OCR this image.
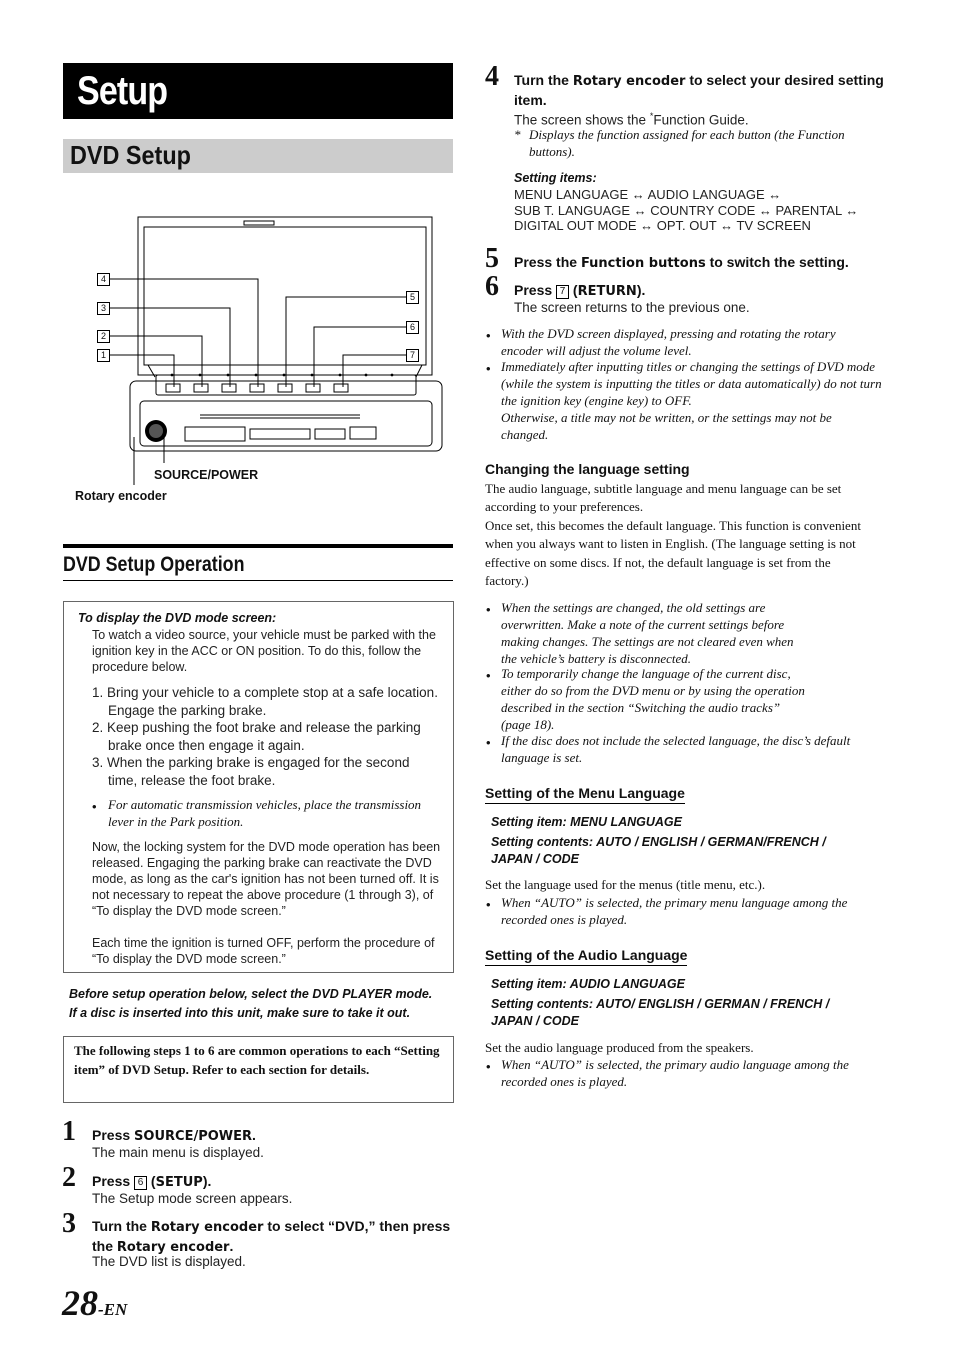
Setup
DVD Setup
4
3
2
1
5
6
7
SOURCE/POWER
Rotary encoder
DVD Setup Operation
To display the DVD mode screen:
To watch a video source, your vehicle must be parked with the ignition key in the ACC or ON position. To do this, follow the procedure below.
1. Bring your vehicle to a complete stop at a safe location. Engage the parking brake.
2. Keep pushing the foot brake and release the parking brake once then engage it again.
3. When the parking brake is engaged for the second time, release the foot brake.
• For automatic transmission vehicles, place the transmission lever in the Park position.
Now, the locking system for the DVD mode operation has been released. Engaging the parking brake can reactivate the DVD mode, as long as the car's ignition has not been turned off. It is not necessary to repeat the above procedure (1 through 3), of “To display the DVD mode screen.”
Each time the ignition is turned OFF, perform the procedure of “To display the DVD mode screen.”
Before setup operation below, select the DVD PLAYER mode.
If a disc is inserted into this unit, make sure to take it out.
The following steps 1 to 6 are common operations to each “Setting item” of DVD Setup. Refer to each section for details.
1 Press SOURCE/POWER.
The main menu is displayed.
2 Press 6 (SETUP).
The Setup mode screen appears.
3 Turn the Rotary encoder to select “DVD,” then press the Rotary encoder.
The DVD list is displayed.
28-EN
4 Turn the Rotary encoder to select your desired setting item.
The screen shows the *Function Guide.
* Displays the function assigned for each button (the Function buttons).
Setting items:
MENU LANGUAGE ↔ AUDIO LANGUAGE ↔
SUB T. LANGUAGE ↔ COUNTRY CODE ↔ PARENTAL ↔
DIGITAL OUT MODE ↔ OPT. OUT ↔ TV SCREEN
5 Press the Function buttons to switch the setting.
6 Press 7 (RETURN).
The screen returns to the previous one.
• With the DVD screen displayed, pressing and rotating the rotary encoder will adjust the volume level.
• Immediately after inputting titles or changing the settings of DVD mode (while the system is inputting the titles or data automatically) do not turn the ignition key (engine key) to OFF.
Otherwise, a title may not be written, or the settings may not be changed.
Changing the language setting
The audio language, subtitle language and menu language can be set according to your preferences.
Once set, this becomes the default language. This function is convenient when you always want to listen in English. (The language setting is not effective on some discs. If not, the default language is set from the factory.)
• When the settings are changed, the old settings are overwritten. Make a note of the current settings before making changes. The settings are not cleared even when the vehicle’s battery is disconnected.
• To temporarily change the language of the current disc, either do so from the DVD menu or by using the operation described in the section “Switching the audio tracks” (page 18).
• If the disc does not include the selected language, the disc’s default language is set.
Setting of the Menu Language
Setting item: MENU LANGUAGE
Setting contents: AUTO / ENGLISH / GERMAN/FRENCH /
JAPAN / CODE
Set the language used for the menus (title menu, etc.).
• When “AUTO” is selected, the primary menu language among the recorded ones is played.
Setting of the Audio Language
Setting item: AUDIO LANGUAGE
Setting contents: AUTO/ ENGLISH / GERMAN / FRENCH /
JAPAN / CODE
Set the audio language produced from the speakers.
• When “AUTO” is selected, the primary audio language among the recorded ones is played.
